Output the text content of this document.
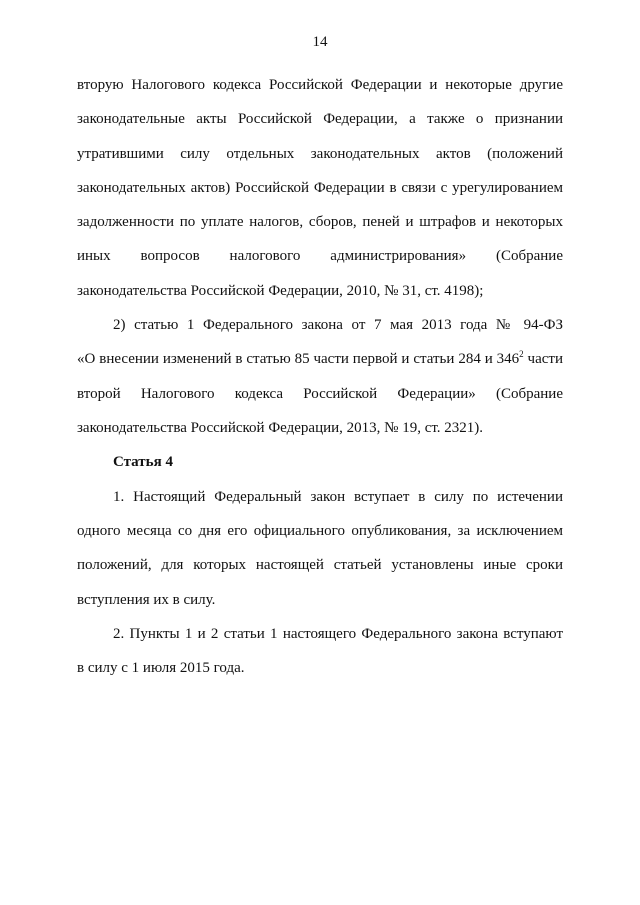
14
вторую Налогового кодекса Российской Федерации и некоторые другие
законодательные акты Российской Федерации, а также о признании
утратившими силу отдельных законодательных актов (положений
законодательных актов) Российской Федерации в связи с урегулированием
задолженности по уплате налогов, сборов, пеней и штрафов и некоторых
иных вопросов налогового администрирования» (Собрание
законодательства Российской Федерации, 2010, № 31, ст. 4198);
2) статью 1 Федерального закона от 7 мая 2013 года № 94-ФЗ
«О внесении изменений в статью 85 части первой и статьи 284 и $346^2$ части
второй Налогового кодекса Российской Федерации» (Собрание
законодательства Российской Федерации, 2013, № 19, ст. 2321).
Статья 4
1. Настоящий Федеральный закон вступает в силу по истечении
одного месяца со дня его официального опубликования, за исключением
положений, для которых настоящей статьей установлены иные сроки
вступления их в силу.
2. Пункты 1 и 2 статьи 1 настоящего Федерального закона вступают
в силу с 1 июля 2015 года.
